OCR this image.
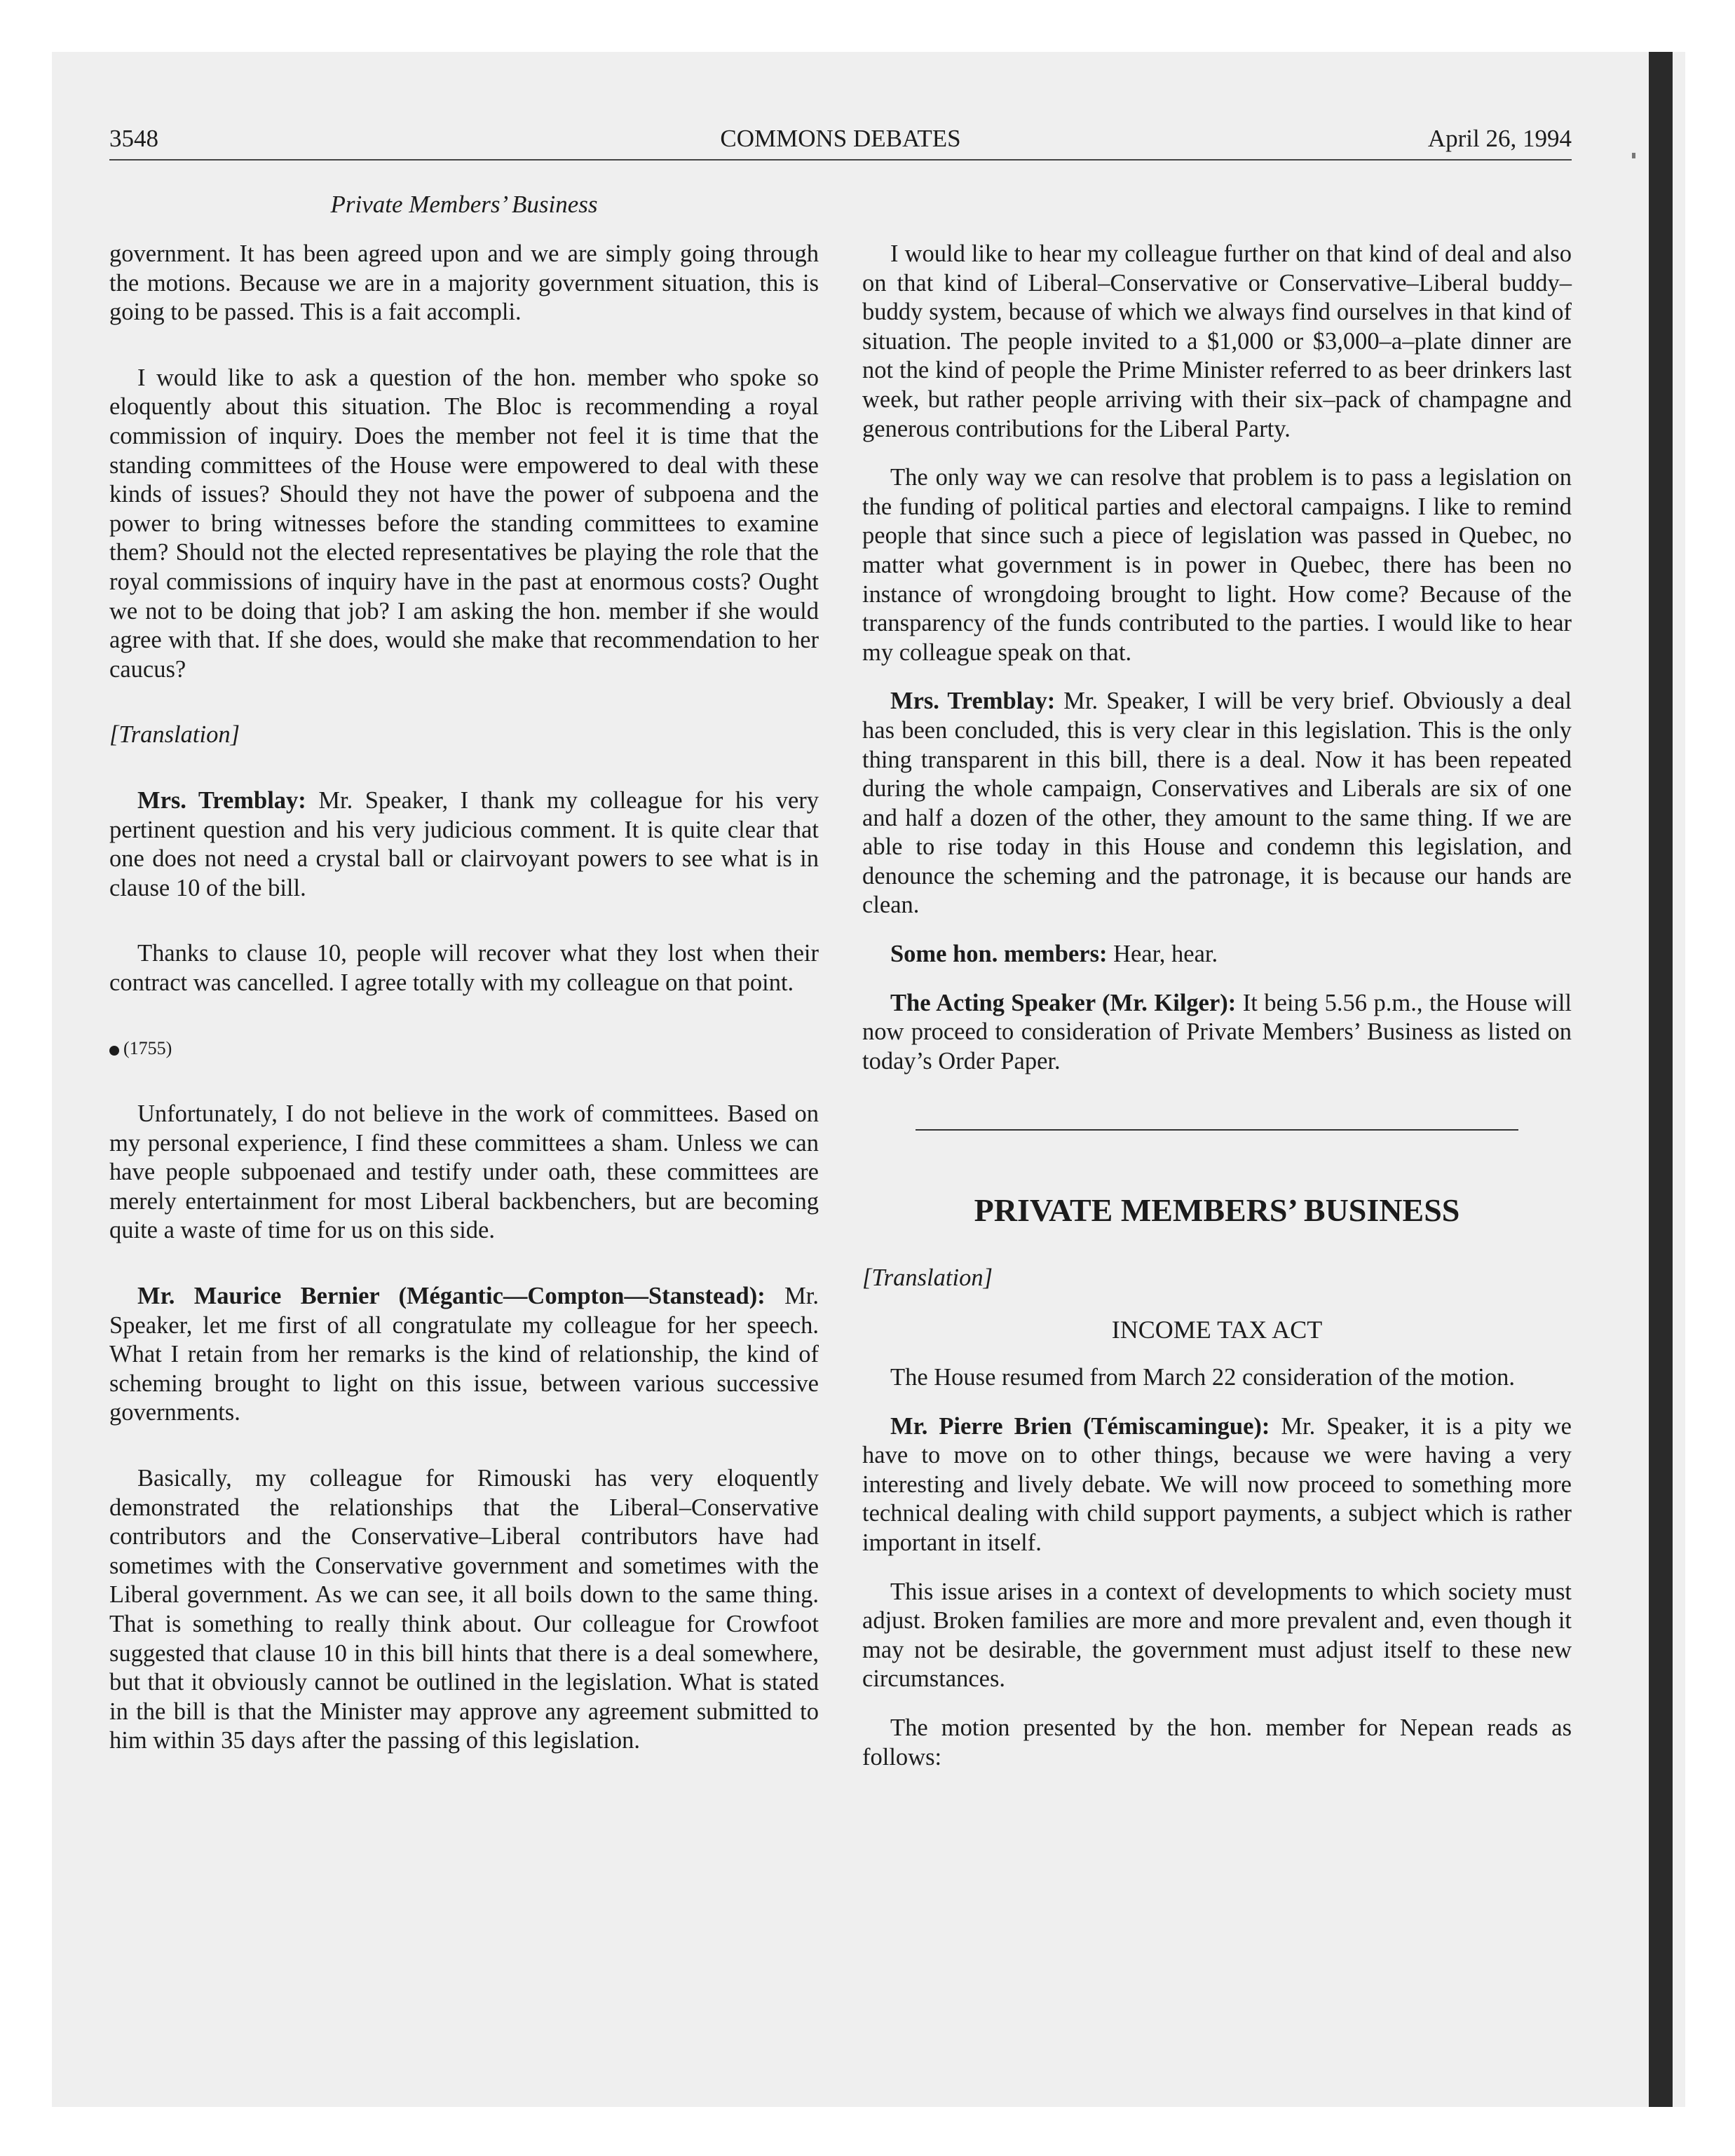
3548	COMMONS DEBATES	April 26, 1994
Private Members’ Business

government. It has been agreed upon and we are simply going through the motions. Because we are in a majority government situation, this is going to be passed. This is a fait accompli.

I would like to ask a question of the hon. member who spoke so eloquently about this situation. The Bloc is recommending a royal commission of inquiry. Does the member not feel it is time that the standing committees of the House were empowered to deal with these kinds of issues? Should they not have the power of subpoena and the power to bring witnesses before the standing committees to examine them? Should not the elected representatives be playing the role that the royal commissions of inquiry have in the past at enormous costs? Ought we not to be doing that job? I am asking the hon. member if she would agree with that. If she does, would she make that recommendation to her caucus?

[Translation]

Mrs. Tremblay: Mr. Speaker, I thank my colleague for his very pertinent question and his very judicious comment. It is quite clear that one does not need a crystal ball or clairvoyant powers to see what is in clause 10 of the bill.

Thanks to clause 10, people will recover what they lost when their contract was cancelled. I agree totally with my colleague on that point.

(1755)

Unfortunately, I do not believe in the work of committees. Based on my personal experience, I find these committees a sham. Unless we can have people subpoenaed and testify under oath, these committees are merely entertainment for most Liberal backbenchers, but are becoming quite a waste of time for us on this side.

Mr. Maurice Bernier (Mégantic—Compton—Stanstead): Mr. Speaker, let me first of all congratulate my colleague for her speech. What I retain from her remarks is the kind of relationship, the kind of scheming brought to light on this issue, between various successive governments.

Basically, my colleague for Rimouski has very eloquently demonstrated the relationships that the Liberal–Conservative contributors and the Conservative–Liberal contributors have had sometimes with the Conservative government and sometimes with the Liberal government. As we can see, it all boils down to the same thing. That is something to really think about. Our colleague for Crowfoot suggested that clause 10 in this bill hints that there is a deal somewhere, but that it obviously cannot be outlined in the legislation. What is stated in the bill is that the Minister may approve any agreement submitted to him within 35 days after the passing of this legislation.

I would like to hear my colleague further on that kind of deal and also on that kind of Liberal–Conservative or Conservative–Liberal buddy–buddy system, because of which we always find ourselves in that kind of situation. The people invited to a $1,000 or $3,000–a–plate dinner are not the kind of people the Prime Minister referred to as beer drinkers last week, but rather people arriving with their six–pack of champagne and generous contributions for the Liberal Party.

The only way we can resolve that problem is to pass a legislation on the funding of political parties and electoral campaigns. I like to remind people that since such a piece of legislation was passed in Quebec, no matter what government is in power in Quebec, there has been no instance of wrongdoing brought to light. How come? Because of the transparency of the funds contributed to the parties. I would like to hear my colleague speak on that.

Mrs. Tremblay: Mr. Speaker, I will be very brief. Obviously a deal has been concluded, this is very clear in this legislation. This is the only thing transparent in this bill, there is a deal. Now it has been repeated during the whole campaign, Conservatives and Liberals are six of one and half a dozen of the other, they amount to the same thing. If we are able to rise today in this House and condemn this legislation, and denounce the scheming and the patronage, it is because our hands are clean.

Some hon. members: Hear, hear.

The Acting Speaker (Mr. Kilger): It being 5.56 p.m., the House will now proceed to consideration of Private Members’ Business as listed on today’s Order Paper.

PRIVATE MEMBERS’ BUSINESS

[Translation]

INCOME TAX ACT

The House resumed from March 22 consideration of the motion.

Mr. Pierre Brien (Témiscamingue): Mr. Speaker, it is a pity we have to move on to other things, because we were having a very interesting and lively debate. We will now proceed to something more technical dealing with child support payments, a subject which is rather important in itself.

This issue arises in a context of developments to which society must adjust. Broken families are more and more prevalent and, even though it may not be desirable, the government must adjust itself to these new circumstances.

The motion presented by the hon. member for Nepean reads as follows:
